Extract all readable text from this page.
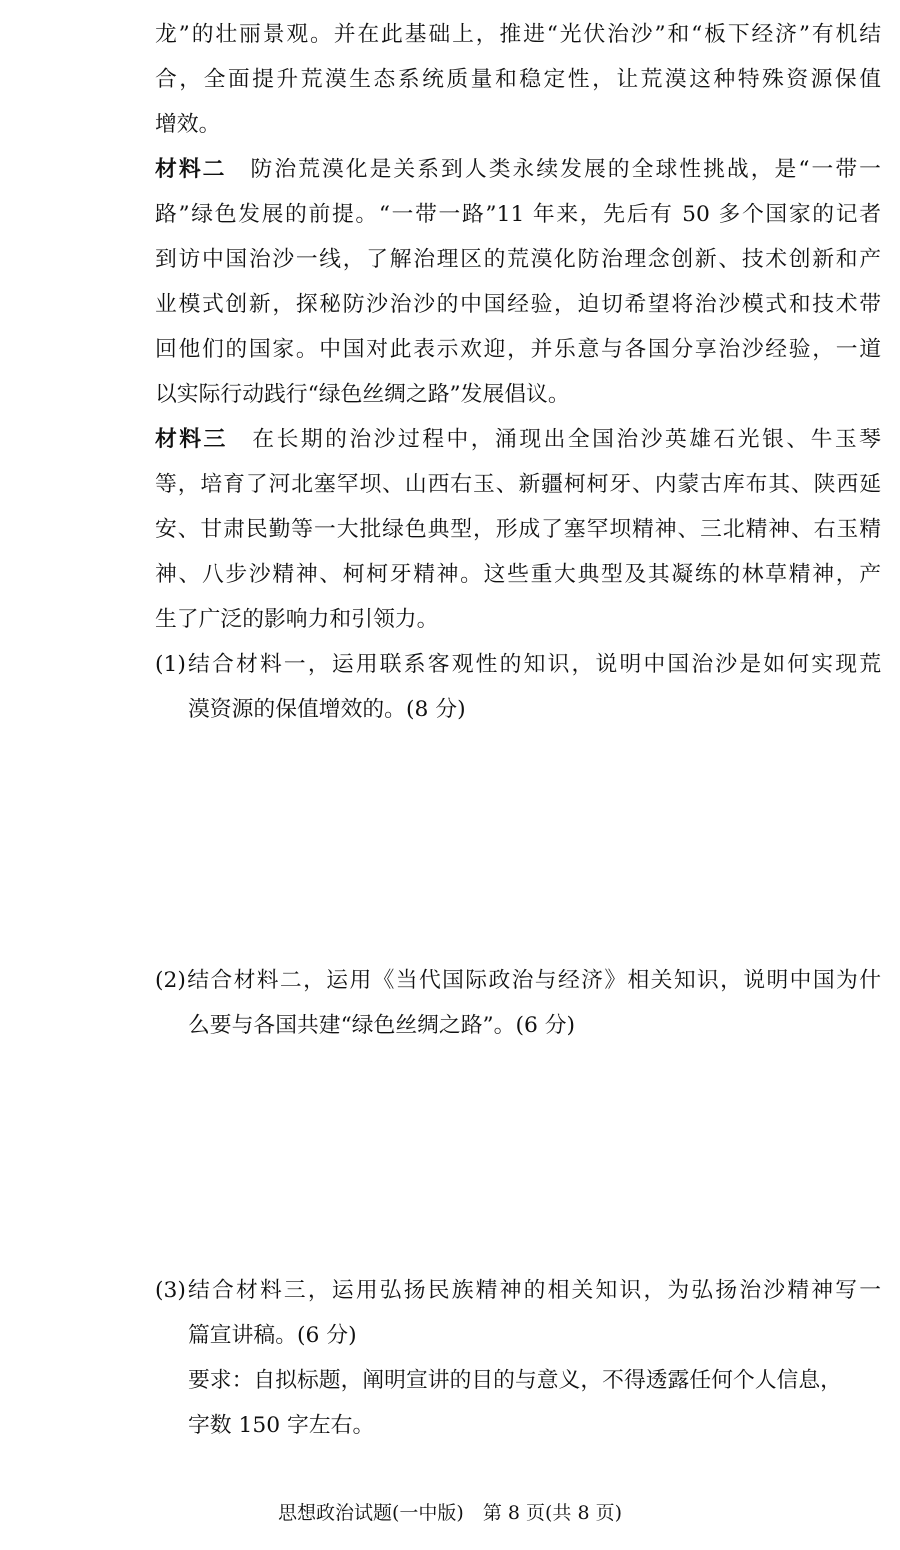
龙”的壮丽景观。并在此基础上，推进“光伏治沙”和“板下经济”有机结
合，全面提升荒漠生态系统质量和稳定性，让荒漠这种特殊资源保值
增效。
材料二 防治荒漠化是关系到人类永续发展的全球性挑战，是“一带一
路”绿色发展的前提。“一带一路”11 年来，先后有 50 多个国家的记者
到访中国治沙一线，了解治理区的荒漠化防治理念创新、技术创新和产
业模式创新，探秘防沙治沙的中国经验，迫切希望将治沙模式和技术带
回他们的国家。中国对此表示欢迎，并乐意与各国分享治沙经验，一道
以实际行动践行“绿色丝绸之路”发展倡议。
材料三 在长期的治沙过程中，涌现出全国治沙英雄石光银、牛玉琴
等，培育了河北塞罕坝、山西右玉、新疆柯柯牙、内蒙古库布其、陕西延
安、甘肃民勤等一大批绿色典型，形成了塞罕坝精神、三北精神、右玉精
神、八步沙精神、柯柯牙精神。这些重大典型及其凝练的林草精神，产
生了广泛的影响力和引领力。
(1)结合材料一，运用联系客观性的知识，说明中国治沙是如何实现荒
漠资源的保值增效的。(8 分)
(2)结合材料二，运用《当代国际政治与经济》相关知识，说明中国为什
么要与各国共建“绿色丝绸之路”。(6 分)
(3)结合材料三，运用弘扬民族精神的相关知识，为弘扬治沙精神写一
篇宣讲稿。(6 分)
要求：自拟标题，阐明宣讲的目的与意义，不得透露任何个人信息，
字数 150 字左右。
思想政治试题(一中版)　第 8 页(共 8 页)
